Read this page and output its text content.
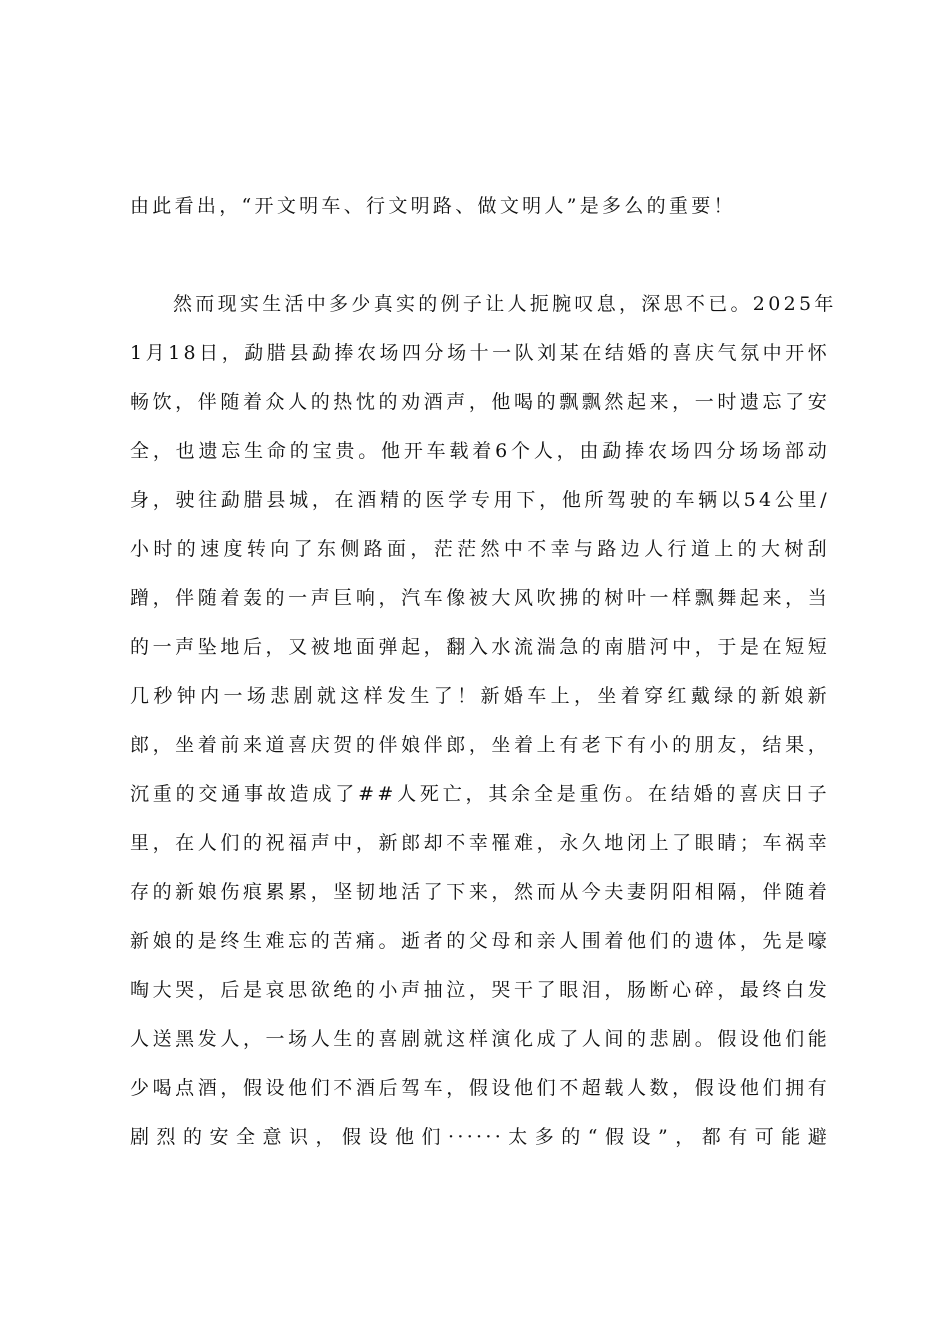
由此看出，“开文明车、行文明路、做文明人”是多么的重要！
然而现实生活中多少真实的例子让人扼腕叹息，深思不已。2025年
1月18日，勐腊县勐捧农场四分场十一队刘某在结婚的喜庆气氛中开怀
畅饮，伴随着众人的热忱的劝酒声，他喝的飘飘然起来，一时遗忘了安
全，也遗忘生命的宝贵。他开车载着6个人，由勐捧农场四分场场部动
身，驶往勐腊县城，在酒精的医学专用下，他所驾驶的车辆以54公里/
小时的速度转向了东侧路面，茫茫然中不幸与路边人行道上的大树刮
蹭，伴随着轰的一声巨响，汽车像被大风吹拂的树叶一样飘舞起来，当
的一声坠地后，又被地面弹起，翻入水流湍急的南腊河中，于是在短短
几秒钟内一场悲剧就这样发生了！新婚车上，坐着穿红戴绿的新娘新
郎，坐着前来道喜庆贺的伴娘伴郎，坐着上有老下有小的朋友，结果，
沉重的交通事故造成了##人死亡，其余全是重伤。在结婚的喜庆日子
里，在人们的祝福声中，新郎却不幸罹难，永久地闭上了眼睛；车祸幸
存的新娘伤痕累累，坚韧地活了下来，然而从今夫妻阴阳相隔，伴随着
新娘的是终生难忘的苦痛。逝者的父母和亲人围着他们的遗体，先是嚎
啕大哭，后是哀思欲绝的小声抽泣，哭干了眼泪，肠断心碎，最终白发
人送黑发人，一场人生的喜剧就这样演化成了人间的悲剧。假设他们能
少喝点酒，假设他们不酒后驾车，假设他们不超载人数，假设他们拥有
剧烈的安全意识，假设他们······太多的“假设”，都有可能避
